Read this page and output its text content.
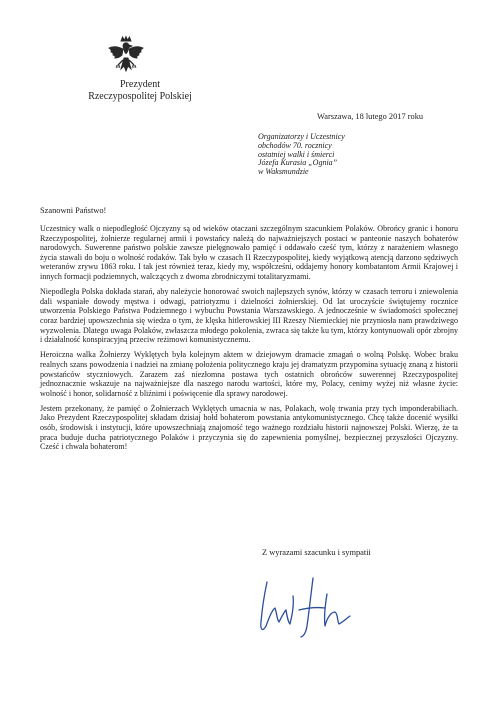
Prezydent
Rzeczypospolitej Polskiej
Warszawa, 18 lutego 2017 roku
Organizatorzy i Uczestnicy
obchodów 70. rocznicy
ostatniej walki i śmierci
Józefa Kurasia „Ognia”
w Waksmundzie
Szanowni Państwo!

Uczestnicy walk o niepodległość Ojczyzny są od wieków otaczani szczególnym szacunkiem Polaków. Obrońcy granic i honoru Rzeczypospolitej, żołnierze regularnej armii i powstańcy należą do najważniejszych postaci w panteonie naszych bohaterów narodowych. Suwerenne państwo polskie zawsze pielęgnowało pamięć i oddawało cześć tym, którzy z narażeniem własnego życia stawali do boju o wolność rodaków. Tak było w czasach II Rzeczypospolitej, kiedy wyjątkową atencją darzono sędziwych weteranów zrywu 1863 roku. I tak jest również teraz, kiedy my, współcześni, oddajemy honory kombatantom Armii Krajowej i innych formacji podziemnych, walczących z dwoma zbrodniczymi totalitaryzmami.

Niepodległa Polska dokłada starań, aby należycie honorować swoich najlepszych synów, którzy w czasach terroru i zniewolenia dali wspaniałe dowody męstwa i odwagi, patriotyzmu i dzielności żołnierskiej. Od lat uroczyście świętujemy rocznice utworzenia Polskiego Państwa Podziemnego i wybuchu Powstania Warszawskiego. A jednocześnie w świadomości społecznej coraz bardziej upowszechnia się wiedza o tym, że klęska hitlerowskiej III Rzeszy Niemieckiej nie przyniosła nam prawdziwego wyzwolenia. Dlatego uwaga Polaków, zwłaszcza młodego pokolenia, zwraca się także ku tym, którzy kontynuowali opór zbrojny i działalność konspiracyjną przeciw reżimowi komunistycznemu.

Heroiczna walka Żołnierzy Wyklętych była kolejnym aktem w dziejowym dramacie zmagań o wolną Polskę. Wobec braku realnych szans powodzenia i nadziei na zmianę położenia politycznego kraju jej dramatyzm przypomina sytuację znaną z historii powstańców styczniowych. Zarazem zaś niezłomna postawa tych ostatnich obrońców suwerennej Rzeczypospolitej jednoznacznie wskazuje na najważniejsze dla naszego narodu wartości, które my, Polacy, cenimy wyżej niż własne życie: wolność i honor, solidarność z bliźnimi i poświęcenie dla sprawy narodowej.

Jestem przekonany, że pamięć o Żołnierzach Wyklętych umacnia w nas, Polakach, wolę trwania przy tych imponderabiliach. Jako Prezydent Rzeczypospolitej składam dzisiaj hołd bohaterom powstania antykomunistycznego. Chcę także docenić wysiłki osób, środowisk i instytucji, które upowszechniają znajomość tego ważnego rozdziału historii najnowszej Polski. Wierzę, że ta praca buduje ducha patriotycznego Polaków i przyczynia się do zapewnienia pomyślnej, bezpiecznej przyszłości Ojczyzny. Cześć i chwała bohaterom!

Z wyrazami szacunku i sympatii
